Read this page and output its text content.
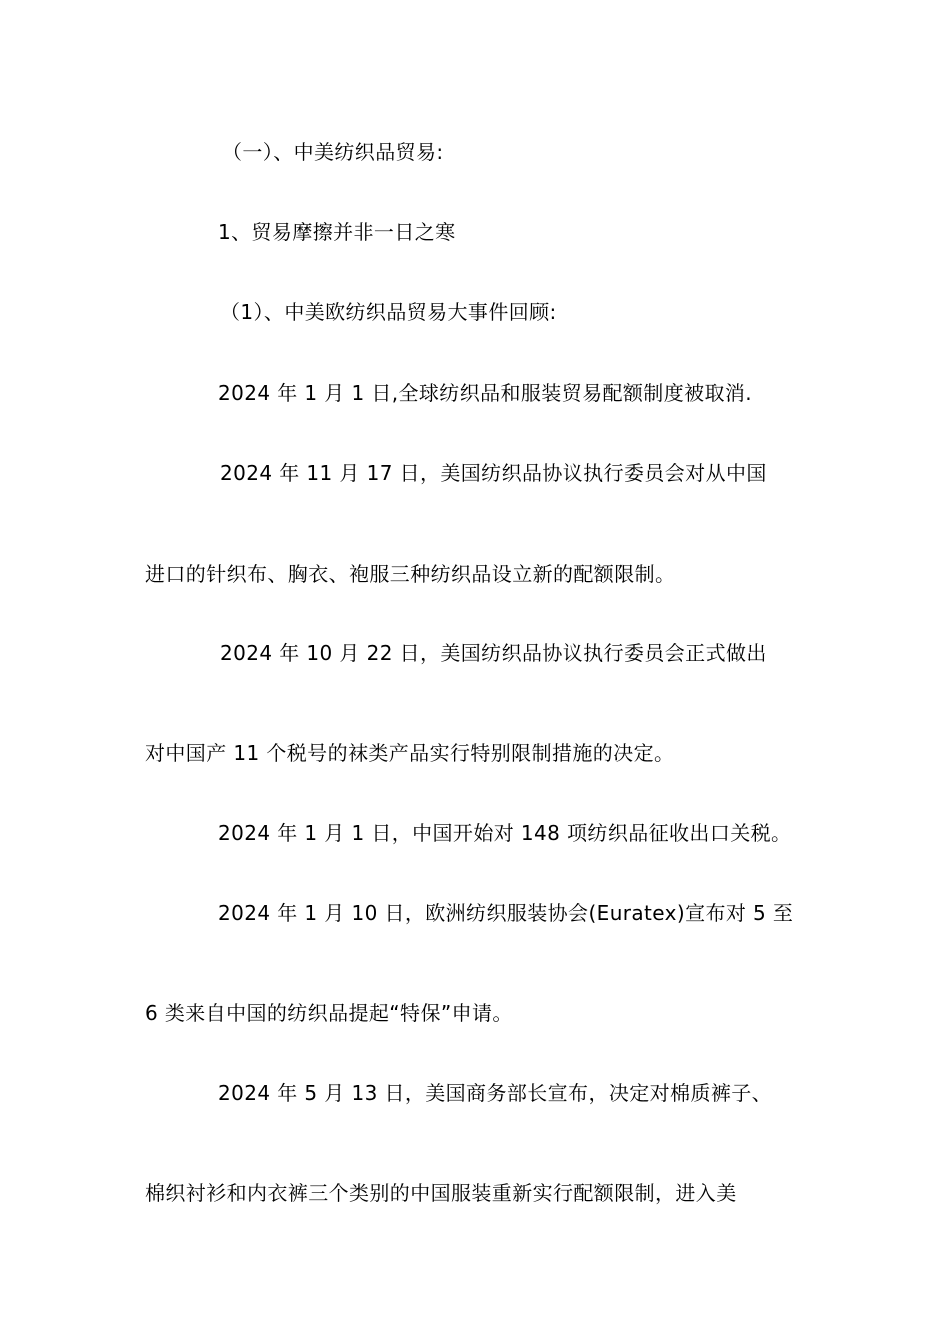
（一）、中美纺织品贸易:
1、贸易摩擦并非一日之寒
（1）、中美欧纺织品贸易大事件回顾:
2024 年 1 月 1 日,全球纺织品和服装贸易配额制度被取消.
2024 年 11 月 17 日，美国纺织品协议执行委员会对从中国
进口的针织布、胸衣、袍服三种纺织品设立新的配额限制。
2024 年 10 月 22 日，美国纺织品协议执行委员会正式做出
对中国产 11 个税号的袜类产品实行特别限制措施的决定。
2024 年 1 月 1 日，中国开始对 148 项纺织品征收出口关税。
2024 年 1 月 10 日，欧洲纺织服装协会(Euratex)宣布对 5 至
6 类来自中国的纺织品提起“特保”申请。
2024 年 5 月 13 日，美国商务部长宣布，决定对棉质裤子、
棉织衬衫和内衣裤三个类别的中国服装重新实行配额限制，进入美
